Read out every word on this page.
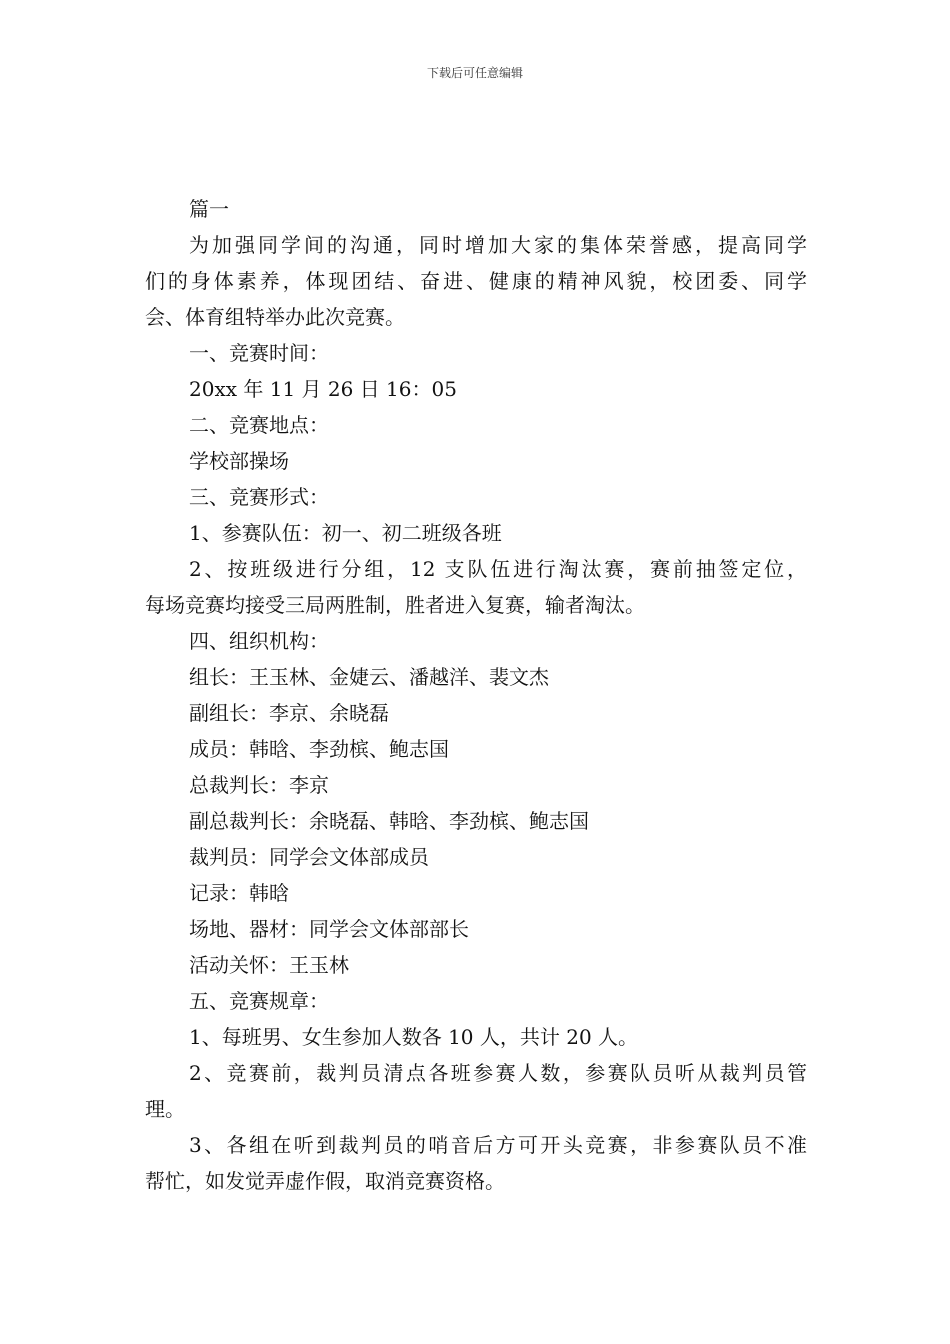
下载后可任意编辑
篇一
为加强同学间的沟通，同时增加大家的集体荣誉感，提高同学
们的身体素养，体现团结、奋进、健康的精神风貌，校团委、同学
会、体育组特举办此次竞赛。
一、竞赛时间：
20xx 年 11 月 26 日 16：05
二、竞赛地点：
学校部操场
三、竞赛形式：
1、参赛队伍：初一、初二班级各班
2、按班级进行分组，12 支队伍进行淘汰赛，赛前抽签定位，
每场竞赛均接受三局两胜制，胜者进入复赛，输者淘汰。
四、组织机构：
组长：王玉林、金婕云、潘越洋、裴文杰
副组长：李京、余晓磊
成员：韩晗、李劲槟、鲍志国
总裁判长：李京
副总裁判长：余晓磊、韩晗、李劲槟、鲍志国
裁判员：同学会文体部成员
记录：韩晗
场地、器材：同学会文体部部长
活动关怀：王玉林
五、竞赛规章：
1、每班男、女生参加人数各 10 人，共计 20 人。
2、竞赛前，裁判员清点各班参赛人数，参赛队员听从裁判员管
理。
3、各组在听到裁判员的哨音后方可开头竞赛，非参赛队员不准
帮忙，如发觉弄虚作假，取消竞赛资格。
